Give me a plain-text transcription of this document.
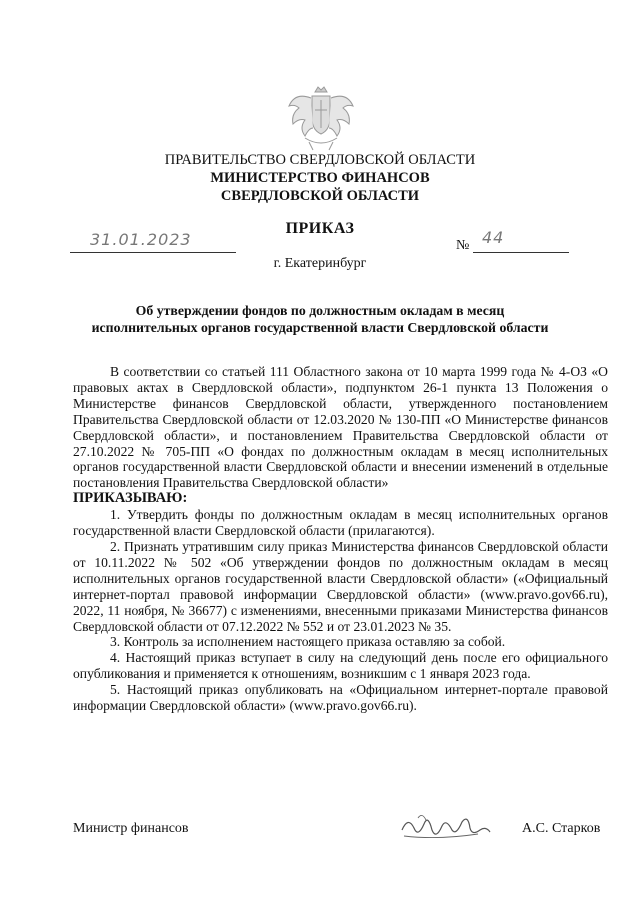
ПРАВИТЕЛЬСТВО СВЕРДЛОВСКОЙ ОБЛАСТИ
МИНИСТЕРСТВО ФИНАНСОВ
СВЕРДЛОВСКОЙ ОБЛАСТИ
ПРИКАЗ
31.01.2023	№ 44
г. Екатеринбург
Об утверждении фондов по должностным окладам в месяц
исполнительных органов государственной власти Свердловской области

В соответствии со статьей 111 Областного закона от 10 марта 1999 года № 4-ОЗ «О правовых актах в Свердловской области», подпунктом 26-1 пункта 13 Положения о Министерстве финансов Свердловской области, утвержденного постановлением Правительства Свердловской области от 12.03.2020 № 130-ПП «О Министерстве финансов Свердловской области», и постановлением Правительства Свердловской области от 27.10.2022 № 705-ПП «О фондах по должностным окладам в месяц исполнительных органов государственной власти Свердловской области и внесении изменений в отдельные постановления Правительства Свердловской области»

ПРИКАЗЫВАЮ:

1. Утвердить фонды по должностным окладам в месяц исполнительных органов государственной власти Свердловской области (прилагаются).

2. Признать утратившим силу приказ Министерства финансов Свердловской области от 10.11.2022 № 502 «Об утверждении фондов по должностным окладам в месяц исполнительных органов государственной власти Свердловской области» («Официальный интернет-портал правовой информации Свердловской области» (www.pravo.gov66.ru), 2022, 11 ноября, № 36677) с изменениями, внесенными приказами Министерства финансов Свердловской области от 07.12.2022 № 552 и от 23.01.2023 № 35.

3. Контроль за исполнением настоящего приказа оставляю за собой.

4. Настоящий приказ вступает в силу на следующий день после его официального опубликования и применяется к отношениям, возникшим с 1 января 2023 года.

5. Настоящий приказ опубликовать на «Официальном интернет-портале правовой информации Свердловской области» (www.pravo.gov66.ru).

Министр финансов	А.С. Старков
